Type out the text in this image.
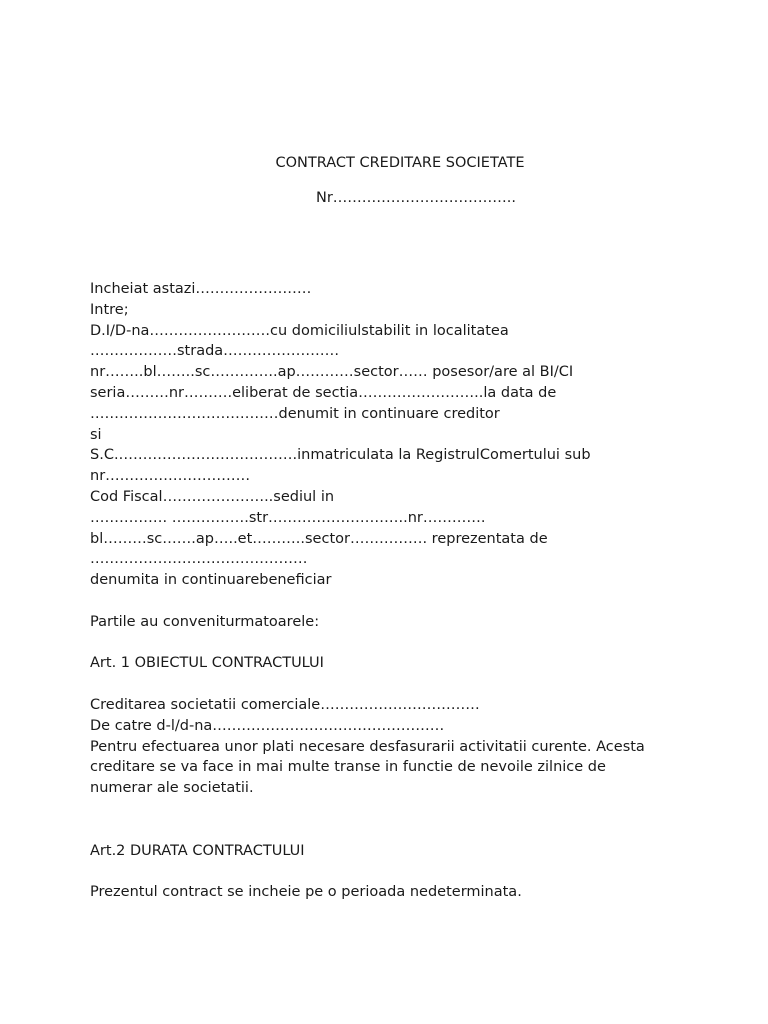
CONTRACT CREDITARE SOCIETATE
Nr………………………………..
Incheiat astazi……………………
Intre;
D.I/D-na…………………….cu domiciliulstabilit in localitatea
………………strada……………………
nr……..bl……..sc…………..ap…………sector…… posesor/are al BI/CI
seria………nr……….eliberat de sectia……………………..la data de
…………………………………denumit in continuare creditor
si
S.C.……………………………….inmatriculata la RegistrulComertului sub
nr…………………………
Cod Fiscal…………………..sediul in
……………. …………….str………………………..nr………….
bl………sc…….ap…..et………..sector……………. reprezentata de
………………………………………
denumita in continuarebeneficiar
Partile au conveniturmatoarele:
Art. 1 OBIECTUL CONTRACTULUI
Creditarea societatii comerciale……………………………
De catre d-l/d-na…………………………………………
Pentru efectuarea unor plati necesare desfasurarii activitatii curente. Acesta
creditare se va face in mai multe transe in functie de nevoile zilnice de
numerar ale societatii.
Art.2 DURATA CONTRACTULUI
Prezentul contract se incheie pe o perioada nedeterminata.
